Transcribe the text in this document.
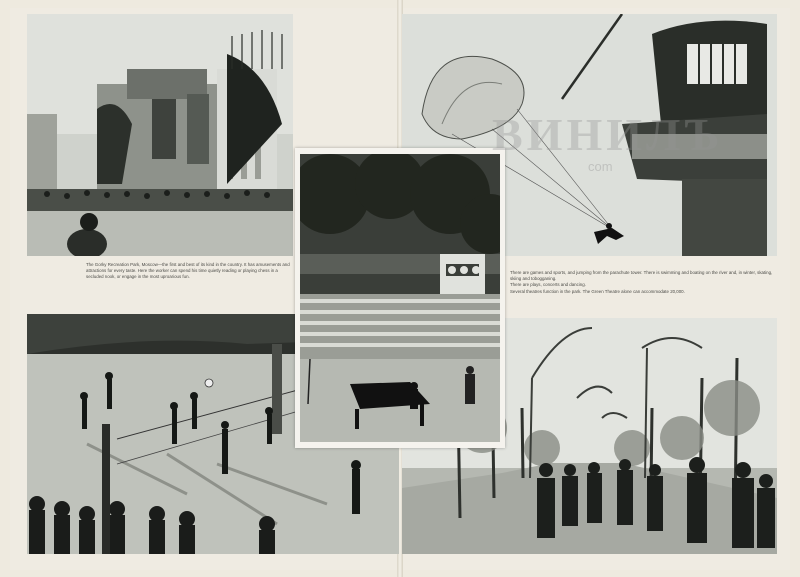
The Gorky Recreation Park, Moscow—the first and best of its kind in the country. It has amusements and attractions for every taste. Here the worker can spend his time quietly reading or playing chess in a secluded nook, or engage in the most uproarious fun.
There are games and sports, and jumping from the parachute tower. There is swimming and boating on the river and, in winter, skating, skiing and tobogganing.
There are plays, concerts and dancing.
Several theatres function in the park. The Green Theatre alone can accommodate 20,000.
ВИНИЛЪ
com
